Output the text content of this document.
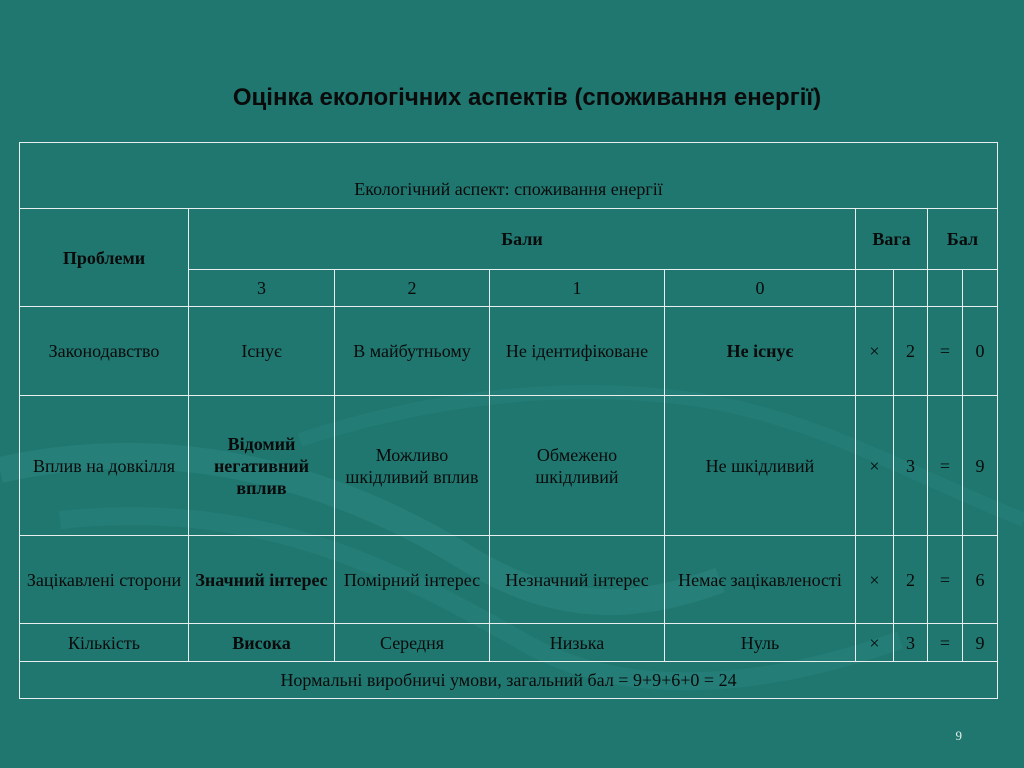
Оцінка екологічних аспектів (споживання енергії)
Екологічний аспект: споживання енергії								
Проблеми	Бали				Вага		Бал	
	3	2	1	0				
Законодавство	Існує	В майбутньому	Не ідентифіковане	Не існує	×	2	=	0
Вплив на довкілля	Відомий негативний вплив	Можливо шкідливий вплив	Обмежено шкідливий	Не шкідливий	×	3	=	9
Зацікавлені сторони	Значний інтерес	Помірний інтерес	Незначний інтерес	Немає зацікавленості	×	2	=	6
Кількість	Висока	Середня	Низька	Нуль	×	3	=	9
Нормальні виробничі умови, загальний бал = 9+9+6+0 = 24								
9
